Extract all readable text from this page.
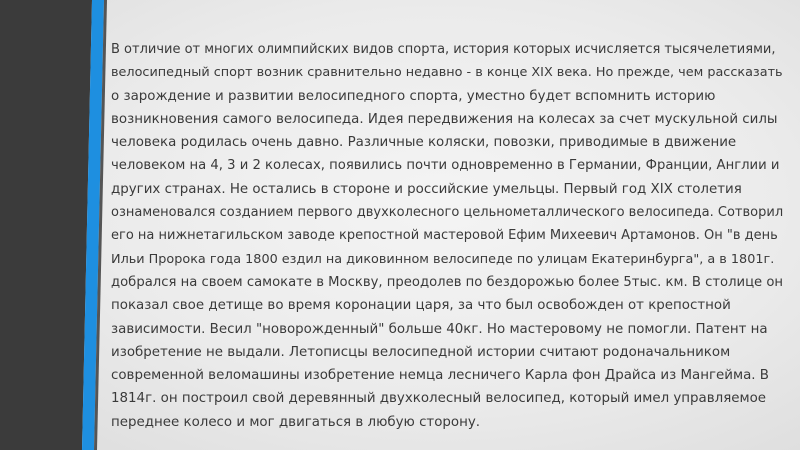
В отличие от многих олимпийских видов спорта, история которых исчисляется тысячелетиями,
велосипедный спорт возник сравнительно недавно - в конце XIX века. Но прежде, чем рассказать
о зарождение и развитии велосипедного спорта, уместно будет вспомнить историю
возникновения самого велосипеда. Идея передвижения на колесах за счет мускульной силы
человека родилась очень давно. Различные коляски, повозки, приводимые в движение
человеком на 4, 3 и 2 колесах, появились почти одновременно в Германии, Франции, Англии и
других странах. Не остались в стороне и российские умельцы. Первый год XIX столетия
ознаменовался созданием первого двухколесного цельнометаллического велосипеда. Сотворил
его на нижнетагильском заводе крепостной мастеровой Ефим Михеевич Артамонов. Он "в день
Ильи Пророка года 1800 ездил на диковинном велосипеде по улицам Екатеринбурга", а в 1801г.
добрался на своем самокате в Москву, преодолев по бездорожью более 5тыс. км. В столице он
показал свое детище во время коронации царя, за что был освобожден от крепостной
зависимости. Весил "новорожденный" больше 40кг. Но мастеровому не помогли. Патент на
изобретение не выдали. Летописцы велосипедной истории считают родоначальником
современной веломашины изобретение немца лесничего Карла фон Драйса из Мангейма. В
1814г. он построил свой деревянный двухколесный велосипед, который имел управляемое
переднее колесо и мог двигаться в любую сторону.
